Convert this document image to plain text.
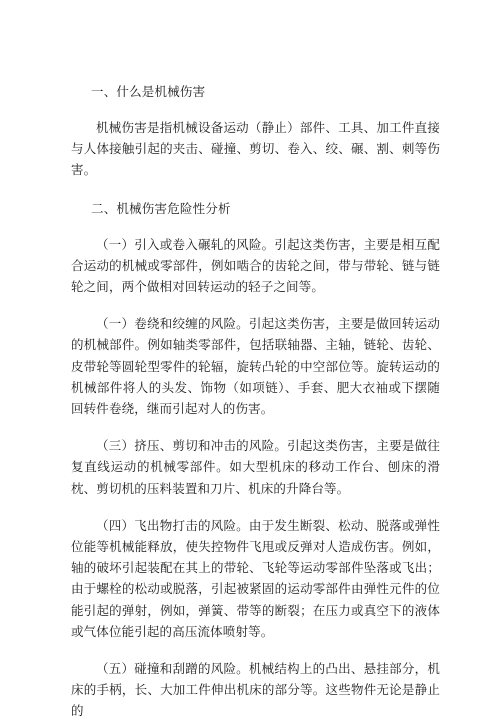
一、什么是机械伤害

机械伤害是指机械设备运动（静止）部件、工具、加工件直接与人体接触引起的夹击、碰撞、剪切、卷入、绞、碾、割、刺等伤害。

二、机械伤害危险性分析

（一）引入或卷入碾轧的风险。引起这类伤害，主要是相互配合运动的机械或零部件，例如啮合的齿轮之间，带与带轮、链与链轮之间，两个做相对回转运动的轻子之间等。

（一）卷绕和绞缠的风险。引起这类伤害，主要是做回转运动的机械部件。例如轴类零部件，包括联轴器、主轴，链轮、齿轮、皮带轮等圆轮型零件的轮辐，旋转凸轮的中空部位等。旋转运动的机械部件将人的头发、饰物（如项链）、手套、肥大衣袖或下摆随回转件卷绕，继而引起对人的伤害。

（三）挤压、剪切和冲击的风险。引起这类伤害，主要是做往复直线运动的机械零部件。如大型机床的移动工作台、刨床的滑枕、剪切机的压料装置和刀片、机床的升降台等。

（四）飞出物打击的风险。由于发生断裂、松动、脱落或弹性位能等机械能释放，使失控物件飞甩或反弹对人造成伤害。例如，轴的破坏引起装配在其上的带轮、飞轮等运动零部件坠落或飞出；由于螺栓的松动或脱落，引起被紧固的运动零部件由弹性元件的位能引起的弹射，例如，弹簧、带等的断裂；在压力或真空下的液体或气体位能引起的高压流体喷射等。

（五）碰撞和刮蹭的风险。机械结构上的凸出、悬挂部分，机床的手柄，长、大加工件伸出机床的部分等。这些物件无论是静止的
